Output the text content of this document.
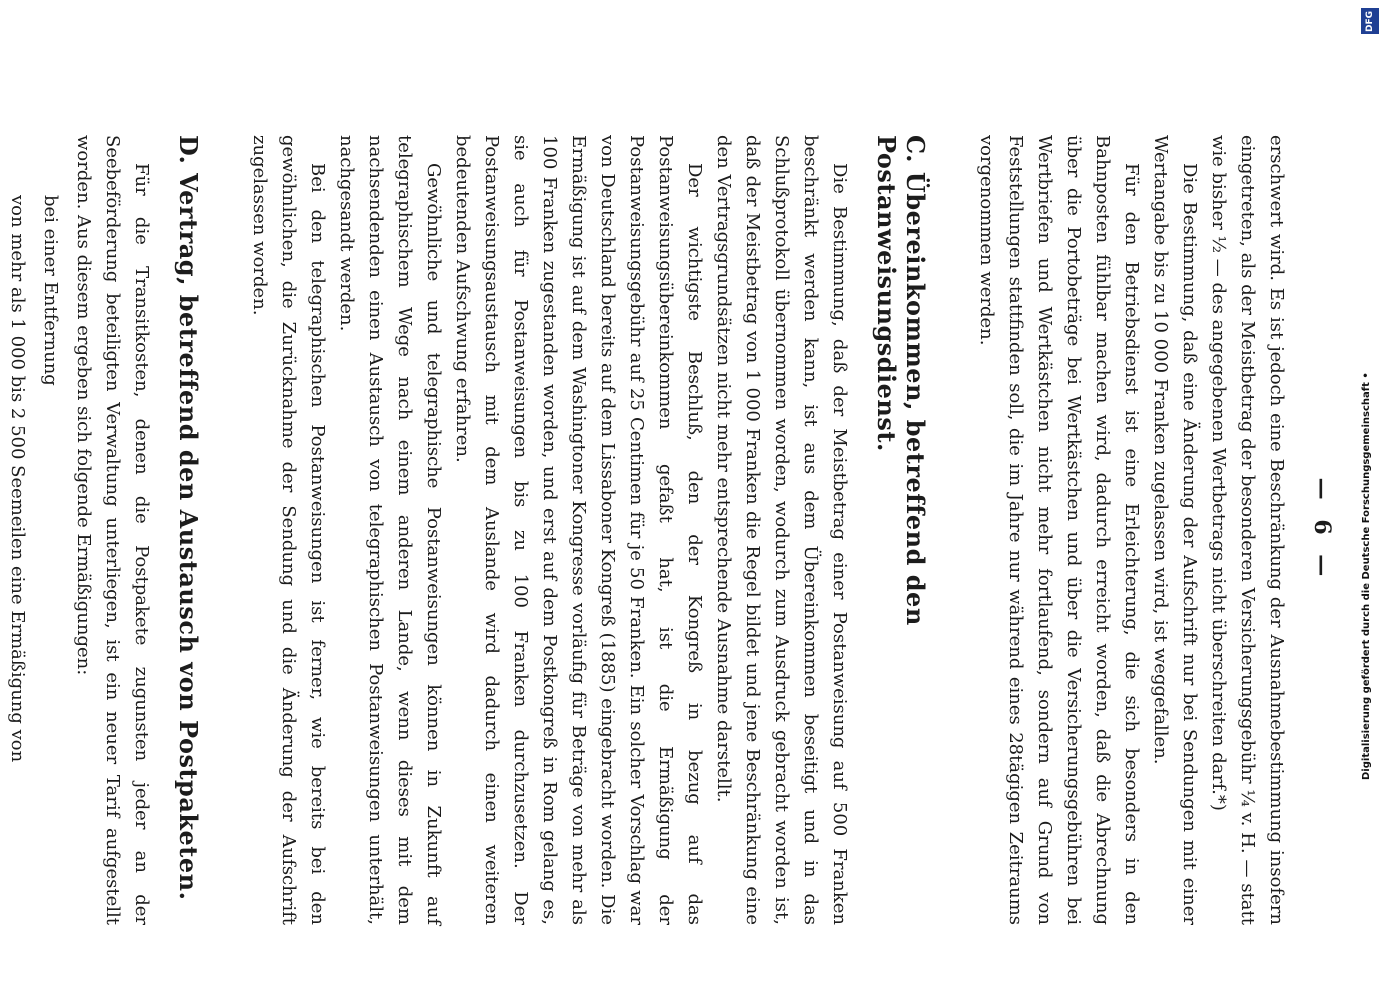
— 6 —

erschwert wird. Es ist jedoch eine Beschränkung der Ausnahmebestimmung insofern eingetreten, als der Meistbetrag der besonderen Versicherungsgebühr ¼ v. H. — statt wie bisher ½ — des angegebenen Wertbetrags nicht überschreiten darf.*)

Die Bestimmung, daß eine Änderung der Aufschrift nur bei Sendungen mit einer Wertangabe bis zu 10 000 Franken zugelassen wird, ist weggefallen.

Für den Betriebsdienst ist eine Erleichterung, die sich besonders in den Bahnposten fühlbar machen wird, dadurch erreicht worden, daß die Abrechnung über die Portobeträge bei Wertkästchen und über die Versicherungsgebühren bei Wertbriefen und Wertkästchen nicht mehr fortlaufend, sondern auf Grund von Feststellungen stattfinden soll, die im Jahre nur während eines 28tägigen Zeitraums vorgenommen werden.

C. Übereinkommen, betreffend den Postanweisungsdienst.

Die Bestimmung, daß der Meistbetrag einer Postanweisung auf 500 Franken beschränkt werden kann, ist aus dem Übereinkommen beseitigt und in das Schlußprotokoll übernommen worden, wodurch zum Ausdruck gebracht worden ist, daß der Meistbetrag von 1 000 Franken die Regel bildet und jene Beschränkung eine den Vertragsgrundsätzen nicht mehr entsprechende Ausnahme darstellt.

Der wichtigste Beschluß, den der Kongreß in bezug auf das Postanweisungsübereinkommen gefaßt hat, ist die Ermäßigung der Postanweisungsgebühr auf 25 Centimen für je 50 Franken. Ein solcher Vorschlag war von Deutschland bereits auf dem Lissaboner Kongreß (1885) eingebracht worden. Die Ermäßigung ist auf dem Washingtoner Kongresse vorläufig für Beträge von mehr als 100 Franken zugestanden worden, und erst auf dem Postkongreß in Rom gelang es, sie auch für Postanweisungen bis zu 100 Franken durchzusetzen. Der Postanweisungsaustausch mit dem Auslande wird dadurch einen weiteren bedeutenden Aufschwung erfahren.

Gewöhnliche und telegraphische Postanweisungen können in Zukunft auf telegraphischem Wege nach einem anderen Lande, wenn dieses mit dem nachsendenden einen Austausch von telegraphischen Postanweisungen unterhält, nachgesandt werden.

Bei den telegraphischen Postanweisungen ist ferner, wie bereits bei den gewöhnlichen, die Zurücknahme der Sendung und die Änderung der Aufschrift zugelassen worden.

D. Vertrag, betreffend den Austausch von Postpaketen.

Für die Transitkosten, denen die Postpakete zugunsten jeder an der Seebeförderung beteiligten Verwaltung unterliegen, ist ein neuer Tarif aufgestellt worden. Aus diesem ergeben sich folgende Ermäßigungen:

bei einer Entfernung
von mehr als 1 000 bis 2 500 Seemeilen eine Ermäßigung von
DFG
Digitalisierung gefördert durch die Deutsche Forschungsgemeinschaft •
